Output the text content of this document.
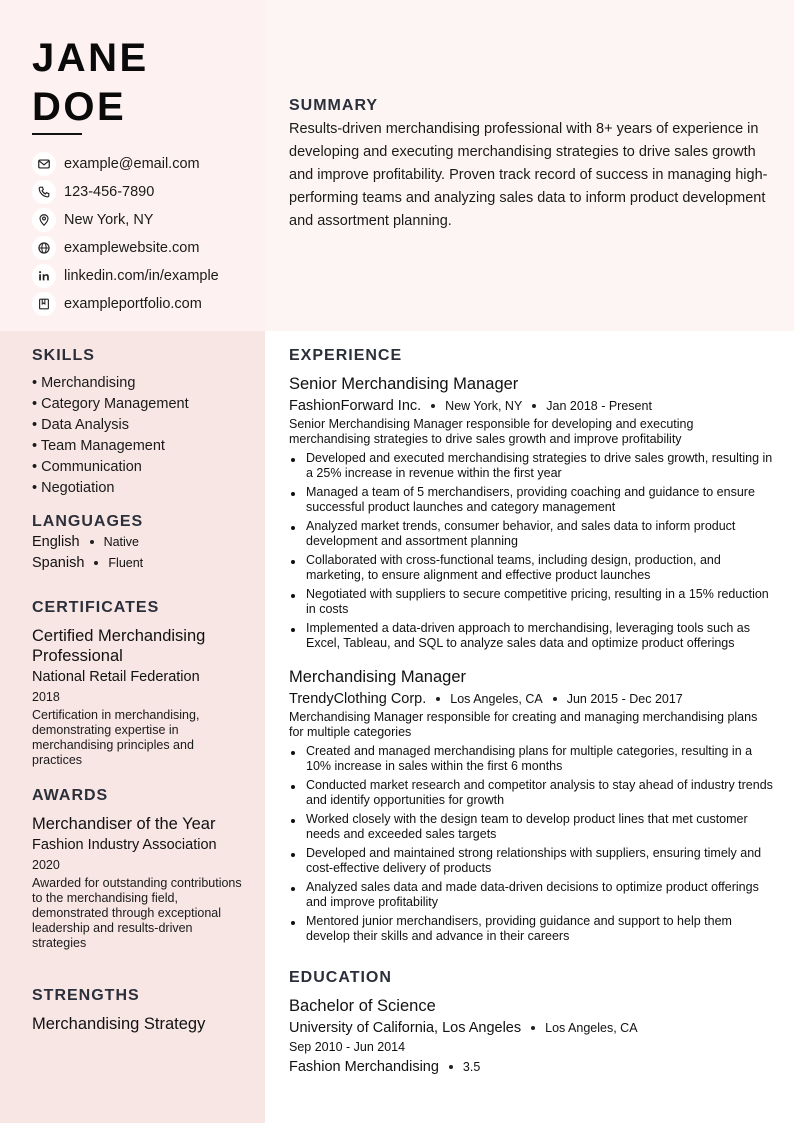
JANE
DOE
example@email.com
123-456-7890
New York, NY
examplewebsite.com
linkedin.com/in/example
exampleportfolio.com
SUMMARY

Results-driven merchandising professional with 8+ years of experience in developing and executing merchandising strategies to drive sales growth and improve profitability. Proven track record of success in managing high-performing teams and analyzing sales data to inform product development and assortment planning.

SKILLS
• Merchandising
• Category Management
• Data Analysis
• Team Management
• Communication
• Negotiation
LANGUAGES
English Native
Spanish Fluent
CERTIFICATES
Certified Merchandising Professional
National Retail Federation
2018
Certification in merchandising, demonstrating expertise in merchandising principles and practices
AWARDS
Merchandiser of the Year
Fashion Industry Association
2020
Awarded for outstanding contributions to the merchandising field, demonstrated through exceptional leadership and results-driven strategies
STRENGTHS
Merchandising Strategy
EXPERIENCE
Senior Merchandising Manager
FashionForward Inc. New York, NY Jan 2018 - Present
Senior Merchandising Manager responsible for developing and executing merchandising strategies to drive sales growth and improve profitability
Developed and executed merchandising strategies to drive sales growth, resulting in a 25% increase in revenue within the first year
Managed a team of 5 merchandisers, providing coaching and guidance to ensure successful product launches and category management
Analyzed market trends, consumer behavior, and sales data to inform product development and assortment planning
Collaborated with cross-functional teams, including design, production, and marketing, to ensure alignment and effective product launches
Negotiated with suppliers to secure competitive pricing, resulting in a 15% reduction in costs
Implemented a data-driven approach to merchandising, leveraging tools such as Excel, Tableau, and SQL to analyze sales data and optimize product offerings
Merchandising Manager
TrendyClothing Corp. Los Angeles, CA Jun 2015 - Dec 2017
Merchandising Manager responsible for creating and managing merchandising plans for multiple categories
Created and managed merchandising plans for multiple categories, resulting in a 10% increase in sales within the first 6 months
Conducted market research and competitor analysis to stay ahead of industry trends and identify opportunities for growth
Worked closely with the design team to develop product lines that met customer needs and exceeded sales targets
Developed and maintained strong relationships with suppliers, ensuring timely and cost-effective delivery of products
Analyzed sales data and made data-driven decisions to optimize product offerings and improve profitability
Mentored junior merchandisers, providing guidance and support to help them develop their skills and advance in their careers
EDUCATION
Bachelor of Science
University of California, Los Angeles Los Angeles, CA
Sep 2010 - Jun 2014
Fashion Merchandising 3.5
